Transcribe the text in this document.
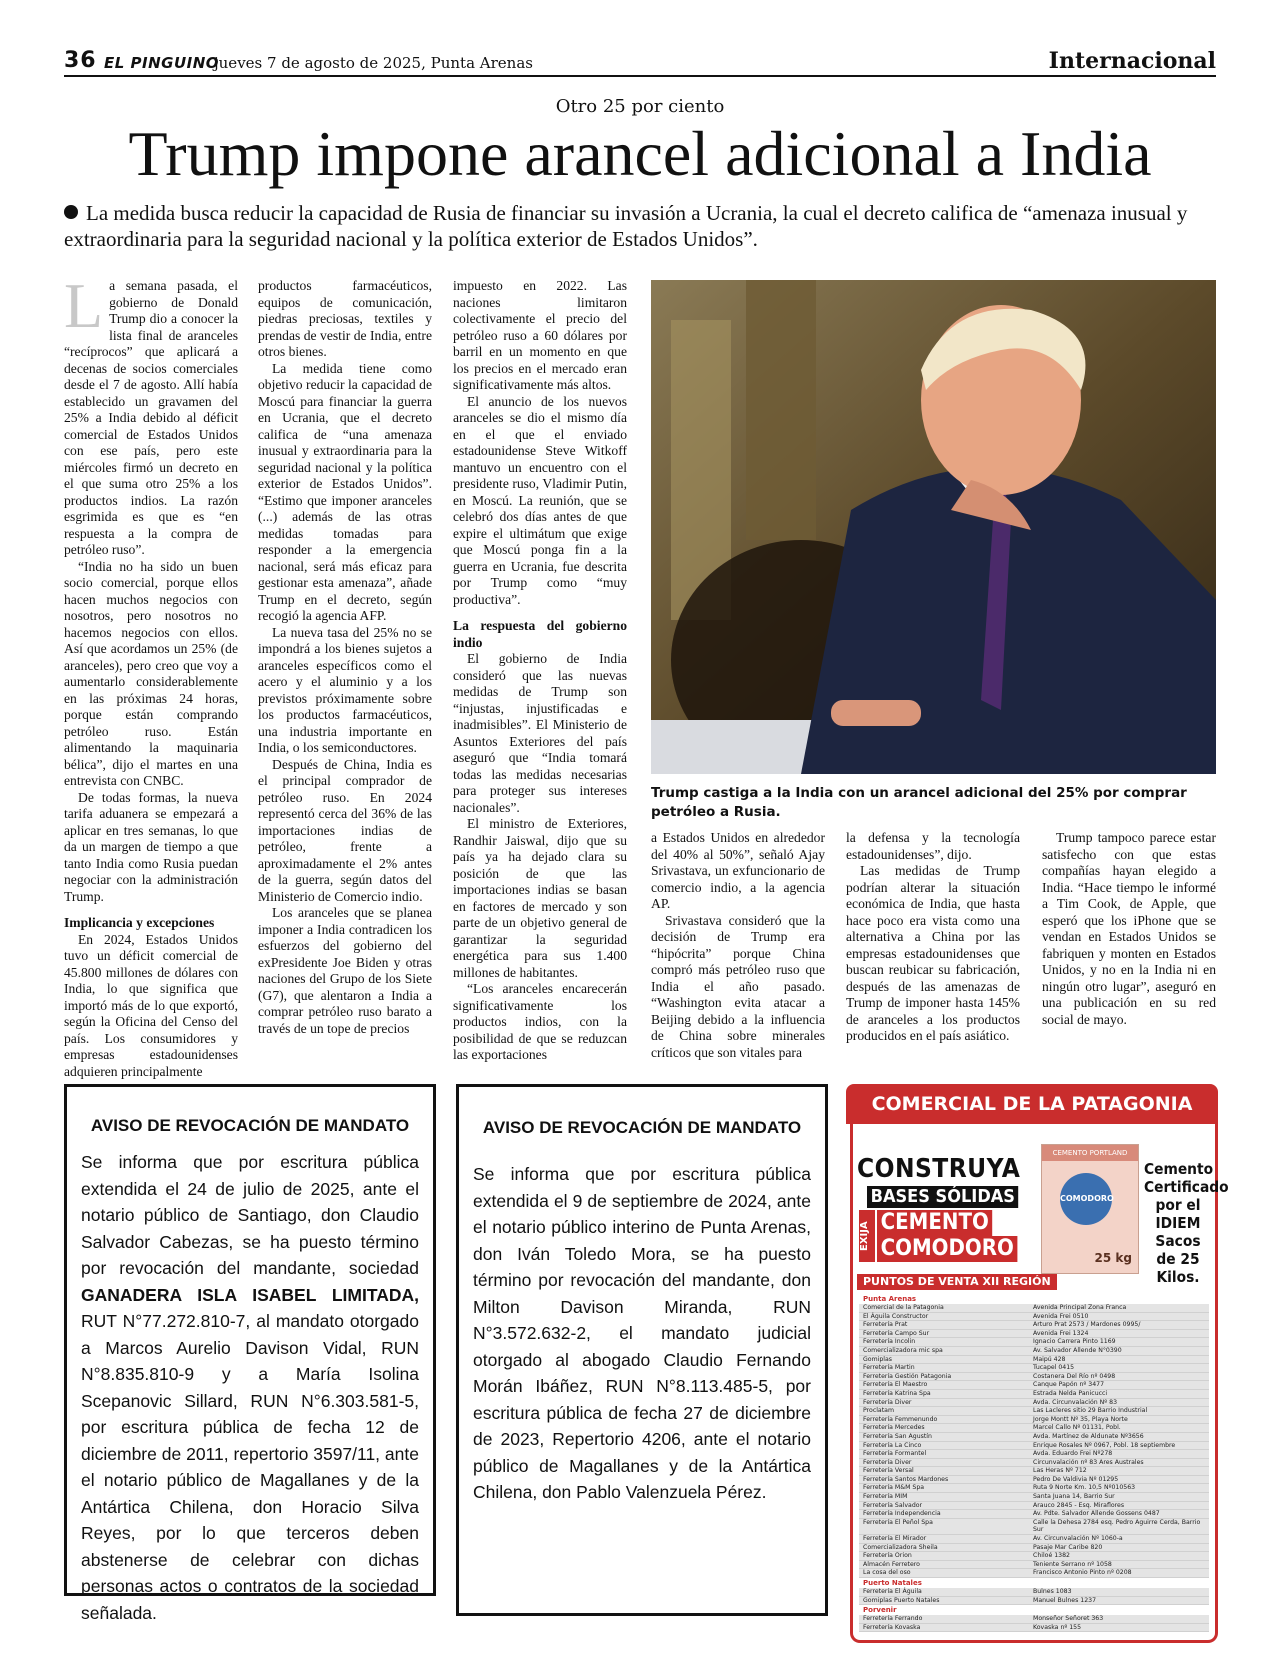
36 EL PINGUINO
jueves 7 de agosto de 2025, Punta Arenas	Internacional
Otro 25 por ciento
Trump impone arancel adicional a India
La medida busca reducir la capacidad de Rusia de financiar su invasión a Ucrania, la cual el decreto califica de “amenaza inusual y extraordinaria para la seguridad nacional y la política exterior de Estados Unidos”.

La semana pasada, el gobierno de Donald Trump dio a conocer la lista final de aranceles “recíprocos” que aplicará a decenas de socios comerciales desde el 7 de agosto. Allí había establecido un gravamen del 25% a India debido al déficit comercial de Estados Unidos con ese país, pero este miércoles firmó un decreto en el que suma otro 25% a los productos indios. La razón esgrimida es que es “en respuesta a la compra de petróleo ruso”.

“India no ha sido un buen socio comercial, porque ellos hacen muchos negocios con nosotros, pero nosotros no hacemos negocios con ellos. Así que acordamos un 25% (de aranceles), pero creo que voy a aumentarlo considerablemente en las próximas 24 horas, porque están comprando petróleo ruso. Están alimentando la maquinaria bélica”, dijo el martes en una entrevista con CNBC.

De todas formas, la nueva tarifa aduanera se empezará a aplicar en tres semanas, lo que da un margen de tiempo a que tanto India como Rusia puedan negociar con la administración Trump.

Implicancia y excepciones

En 2024, Estados Unidos tuvo un déficit comercial de 45.800 millones de dólares con India, lo que significa que importó más de lo que exportó, según la Oficina del Censo del país. Los consumidores y empresas estadounidenses adquieren principalmente

productos farmacéuticos, equipos de comunicación, piedras preciosas, textiles y prendas de vestir de India, entre otros bienes.

La medida tiene como objetivo reducir la capacidad de Moscú para financiar la guerra en Ucrania, que el decreto califica de “una amenaza inusual y extraordinaria para la seguridad nacional y la política exterior de Estados Unidos”. “Estimo que imponer aranceles (...) además de las otras medidas tomadas para responder a la emergencia nacional, será más eficaz para gestionar esta amenaza”, añade Trump en el decreto, según recogió la agencia AFP.

La nueva tasa del 25% no se impondrá a los bienes sujetos a aranceles específicos como el acero y el aluminio y a los previstos próximamente sobre los productos farmacéuticos, una industria importante en India, o los semiconductores.

Después de China, India es el principal comprador de petróleo ruso. En 2024 representó cerca del 36% de las importaciones indias de petróleo, frente a aproximadamente el 2% antes de la guerra, según datos del Ministerio de Comercio indio.

Los aranceles que se planea imponer a India contradicen los esfuerzos del gobierno del exPresidente Joe Biden y otras naciones del Grupo de los Siete (G7), que alentaron a India a comprar petróleo ruso barato a través de un tope de precios

impuesto en 2022. Las naciones limitaron colectivamente el precio del petróleo ruso a 60 dólares por barril en un momento en que los precios en el mercado eran significativamente más altos.

El anuncio de los nuevos aranceles se dio el mismo día en el que el enviado estadounidense Steve Witkoff mantuvo un encuentro con el presidente ruso, Vladimir Putin, en Moscú. La reunión, que se celebró dos días antes de que expire el ultimátum que exige que Moscú ponga fin a la guerra en Ucrania, fue descrita por Trump como “muy productiva”.

La respuesta del gobierno indio

El gobierno de India consideró que las nuevas medidas de Trump son “injustas, injustificadas e inadmisibles”. El Ministerio de Asuntos Exteriores del país aseguró que “India tomará todas las medidas necesarias para proteger sus intereses nacionales”.

El ministro de Exteriores, Randhir Jaiswal, dijo que su país ya ha dejado clara su posición de que las importaciones indias se basan en factores de mercado y son parte de un objetivo general de garantizar la seguridad energética para sus 1.400 millones de habitantes.

“Los aranceles encarecerán significativamente los productos indios, con la posibilidad de que se reduzcan las exportaciones

Trump castiga a la India con un arancel adicional del 25% por comprar petróleo a Rusia.

a Estados Unidos en alrededor del 40% al 50%”, señaló Ajay Srivastava, un exfuncionario de comercio indio, a la agencia AP.

Srivastava consideró que la decisión de Trump era “hipócrita” porque China compró más petróleo ruso que India el año pasado. “Washington evita atacar a Beijing debido a la influencia de China sobre minerales críticos que son vitales para

la defensa y la tecnología estadounidenses”, dijo.

Las medidas de Trump podrían alterar la situación económica de India, que hasta hace poco era vista como una alternativa a China por las empresas estadounidenses que buscan reubicar su fabricación, después de las amenazas de Trump de imponer hasta 145% de aranceles a los productos producidos en el país asiático.

Trump tampoco parece estar satisfecho con que estas compañías hayan elegido a India. “Hace tiempo le informé a Tim Cook, de Apple, que esperó que los iPhone que se vendan en Estados Unidos se fabriquen y monten en Estados Unidos, y no en la India ni en ningún otro lugar”, aseguró en una publicación en su red social de mayo.

AVISO DE REVOCACIÓN DE MANDATO
Se informa que por escritura pública extendida el 24 de julio de 2025, ante el notario público de Santiago, don Claudio Salvador Cabezas, se ha puesto término por revocación del mandante, sociedad GANADERA ISLA ISABEL LIMITADA, RUT N°77.272.810-7, al mandato otorgado a Marcos Aurelio Davison Vidal, RUN N°8.835.810-9 y a María Isolina Scepanovic Sillard, RUN N°6.303.581-5, por escritura pública de fecha 12 de diciembre de 2011, repertorio 3597/11, ante el notario público de Magallanes y de la Antártica Chilena, don Horacio Silva Reyes, por lo que terceros deben abstenerse de celebrar con dichas personas actos o contratos de la sociedad señalada.
AVISO DE REVOCACIÓN DE MANDATO
Se informa que por escritura pública extendida el 9 de septiembre de 2024, ante el notario público interino de Punta Arenas, don Iván Toledo Mora, se ha puesto término por revocación del mandante, don Milton Davison Miranda, RUN N°3.572.632-2, el mandato judicial otorgado al abogado Claudio Fernando Morán Ibáñez, RUN N°8.113.485-5, por escritura pública de fecha 27 de diciembre de 2023, Repertorio 4206, ante el notario público de Magallanes y de la Antártica Chilena, don Pablo Valenzuela Pérez.
COMERCIAL DE LA PATAGONIA
CONSTRUYA
BASES SÓLIDAS
EXIJA CEMENTO
COMODORO
CEMENTO PORTLAND
COMODORO
25 kg
Cemento Certificado por el IDIEM Sacos de 25 Kilos.
PUNTOS DE VENTA XII REGIÓN
Punta Arenas
Comercial de la Patagonia	Avenida Principal Zona Franca
El Águila Constructor	Avenida Frei 0510
Ferretería Prat	Arturo Prat 2573 / Mardones 0995/
Ferretería Campo Sur	Avenida Frei 1324
Ferretería Incolin	Ignacio Carrera Pinto 1169
Comercializadora mic spa	Av. Salvador Allende N°0390
Gomiplas	Maipú 428
Ferretería Martin	Tucapel 0415
Ferretería Gestión Patagonia	Costanera Del Río nº 0498
Ferretería El Maestro	Canque Papón nº 3477
Ferretería Katrina Spa	Estrada Nelda Panicucci
Ferretería Diver	Avda. Circunvalación Nº 83
Proclatam	Las Lacleres sitio 29 Barrio Industrial
Ferretería Femmenundo	Jorge Montt Nº 35, Playa Norte
Ferretería Mercedes	Marcel Callo Nº 01131, Pobl.
Ferretería San Agustín	Avda. Martínez de Aldunate Nº3656
Ferretería La Cinco	Enrique Rosales Nº 0967, Pobl. 18 septiembre
Ferretería Formantel	Avda. Eduardo Frei Nº278
Ferretería Diver	Circunvalación nº 83 Ares Australes
Ferretería Versal	Las Heras Nº 712
Ferretería Santos Mardones	Pedro De Valdivia Nº 01295
Ferretería M&M Spa	Ruta 9 Norte Km. 10,5 Nº010563
Ferretería MIM	Santa Juana 14, Barrio Sur
Ferretería Salvador	Arauco 2845 - Esq. Miraflores
Ferretería Independencia	Av. Pdte. Salvador Allende Gossens 0487
Ferretería El Peñol Spa	Calle la Dehesa 2784 esq. Pedro Aguirre Cerda, Barrio Sur
Ferretería El Mirador	Av. Circunvalación Nº 1060-a
Comercializadora Sheila	Pasaje Mar Caribe 820
Ferretería Orion	Chiloé 1382
Almacén Ferretero	Teniente Serrano nº 1058
La cosa del oso	Francisco Antonio Pinto nº 0208
Puerto Natales
Ferretería El Águila	Bulnes 1083
Gomiplas Puerto Natales	Manuel Bulnes 1237
Porvenir
Ferretería Ferrando	Monseñor Señoret 363
Ferretería Kovaska	Kovaska nº 155
